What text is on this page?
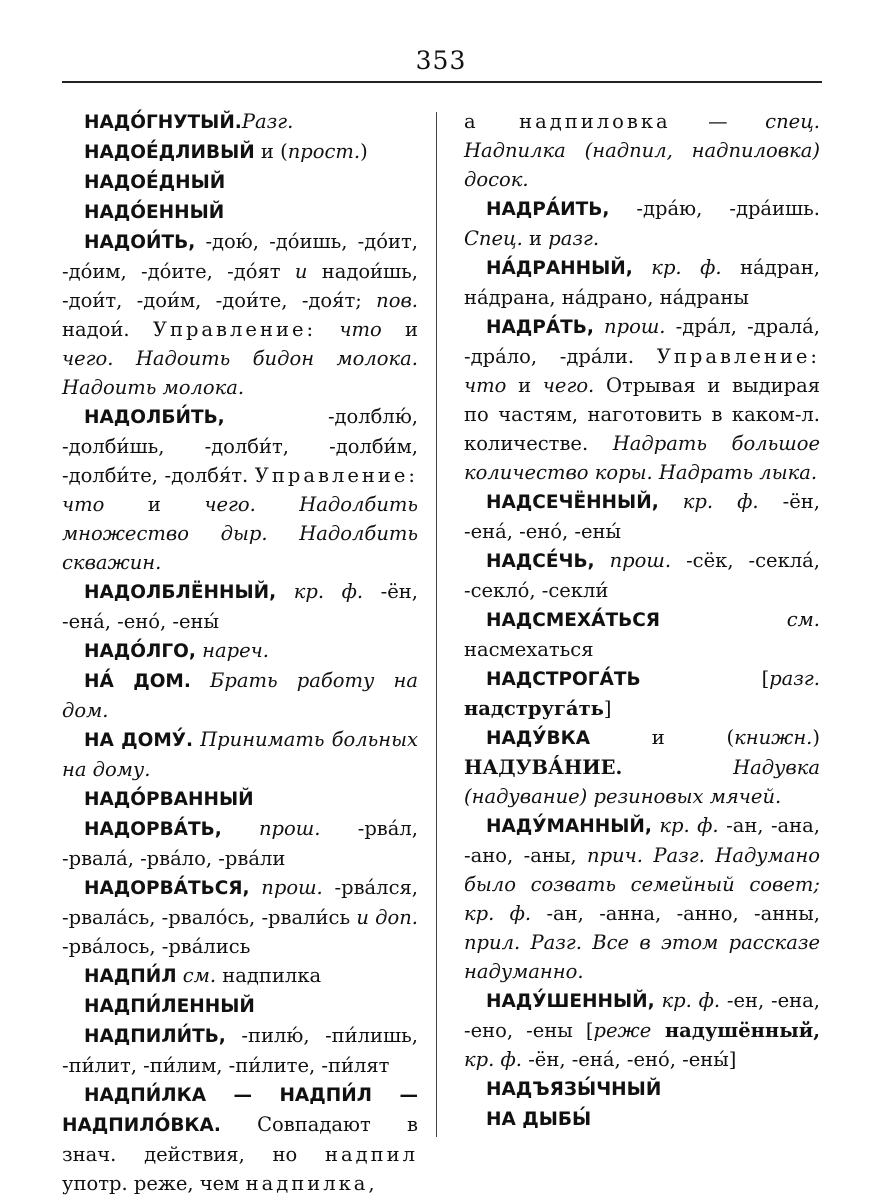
353
НАДО́ГНУТЫЙ.Разг.
НАДОЕ́ДЛИВЫЙ и (прост.)
НАДОЕ́ДНЫЙ
НАДО́ЕННЫЙ
НАДОИ́ТЬ, -дою́, -до́ишь, -до́ит, -до́им, -до́ите, -до́ят и надои́шь, -дои́т, -дои́м, -дои́те, -доя́т; пов. надои́. Управление: что и чего. Надоить бидон молока. Надоить молока.
НАДОЛБИ́ТЬ, -долблю́, -долби́шь, -долби́т, -долби́м, -долби́те, -долбя́т. Управление: что и чего. Надолбить множество дыр. Надолбить скважин.
НАДОЛБЛЁННЫЙ, кр. ф. -ён, -ена́, -ено́, -ены́
НАДО́ЛГО, нареч.
НА́ ДОМ. Брать работу на дом.
НА ДОМУ́. Принимать больных на дому.
НАДО́РВАННЫЙ
НАДОРВА́ТЬ, прош. -рва́л, -рвала́, -рва́ло, -рва́ли
НАДОРВА́ТЬСЯ, прош. -рва́лся, -рвала́сь, -рвало́сь, -рвали́сь и доп. -рва́лось, -рва́лись
НАДПИ́Л см. надпилка
НАДПИ́ЛЕННЫЙ
НАДПИЛИ́ТЬ, -пилю́, -пи́лишь, -пи́лит, -пи́лим, -пи́лите, -пи́лят
НАДПИ́ЛКА — НАДПИ́Л — НАДПИЛО́ВКА. Совпадают в знач. действия, но надпил употр. реже, чем надпилка,
а надпиловка — спец. Надпилка (надпил, надпиловка) досок.
НАДРА́ИТЬ, -дра́ю, -дра́ишь. Спец. и разг.
НА́ДРАННЫЙ, кр. ф. на́дран, на́драна, на́драно, на́драны
НАДРА́ТЬ, прош. -дра́л, -драла́, -дра́ло, -дра́ли. Управление: что и чего. Отрывая и выдирая по частям, наготовить в каком-л. количестве. Надрать большое количество коры. Надрать лыка.
НАДСЕЧЁННЫЙ, кр. ф. -ён, -ена́, -ено́, -ены́
НАДСЕ́ЧЬ, прош. -сёк, -секла́, -секло́, -секли́
НАДСМЕХА́ТЬСЯ см. насмехаться
НАДСТРОГА́ТЬ [разг. надструга́ть]
НАДУ́ВКА и (книжн.) НАДУВА́НИЕ. Надувка (надувание) резиновых мячей.
НАДУ́МАННЫЙ, кр. ф. -ан, -ана, -ано, -аны, прич. Разг. Надумано было созвать семейный совет; кр. ф. -ан, -анна, -анно, -анны, прил. Разг. Все в этом рассказе надуманно.
НАДУ́ШЕННЫЙ, кр. ф. -ен, -ена, -ено, -ены [реже надушённый, кр. ф. -ён, -ена́, -ено́, -ены́]
НАДЪЯЗЫ́ЧНЫЙ
НА ДЫБЫ́
